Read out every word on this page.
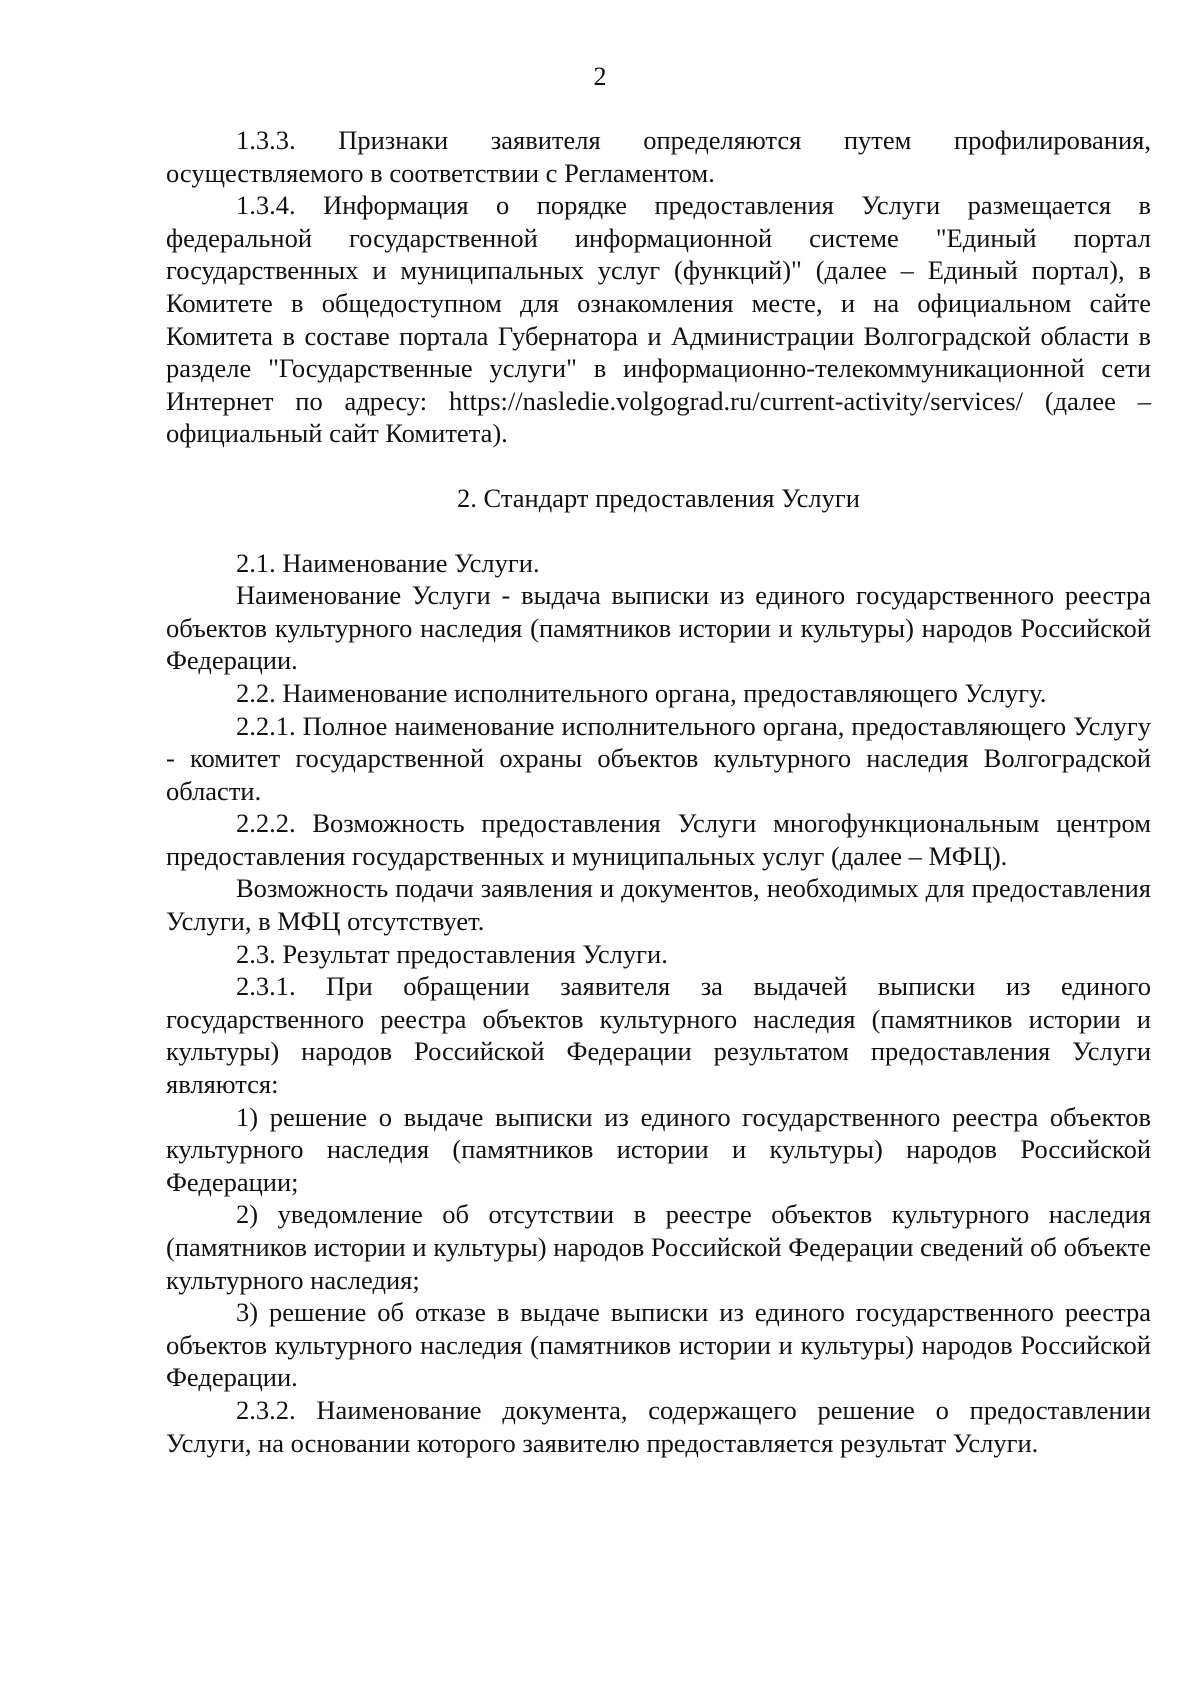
2

1.3.3. Признаки заявителя определяются путем профилирования, осуществляемого в соответствии с Регламентом.

1.3.4. Информация о порядке предоставления Услуги размещается в федеральной государственной информационной системе "Единый портал государственных и муниципальных услуг (функций)" (далее – Единый портал), в Комитете в общедоступном для ознакомления месте, и на официальном сайте Комитета в составе портала Губернатора и Администрации Волгоградской области в разделе "Государственные услуги" в информационно-телекоммуникационной сети Интернет по адресу: https://nasledie.volgograd.ru/current-activity/services/ (далее – официальный сайт Комитета).

2. Стандарт предоставления Услуги

2.1. Наименование Услуги.

Наименование Услуги - выдача выписки из единого государственного реестра объектов культурного наследия (памятников истории и культуры) народов Российской Федерации.

2.2. Наименование исполнительного органа, предоставляющего Услугу.

2.2.1. Полное наименование исполнительного органа, предоставляющего Услугу - комитет государственной охраны объектов культурного наследия Волгоградской области.

2.2.2. Возможность предоставления Услуги многофункциональным центром предоставления государственных и муниципальных услуг (далее – МФЦ).

Возможность подачи заявления и документов, необходимых для предоставления Услуги, в МФЦ отсутствует.

2.3. Результат предоставления Услуги.

2.3.1. При обращении заявителя за выдачей выписки из единого государственного реестра объектов культурного наследия (памятников истории и культуры) народов Российской Федерации результатом предоставления Услуги являются:

1) решение о выдаче выписки из единого государственного реестра объектов культурного наследия (памятников истории и культуры) народов Российской Федерации;

2) уведомление об отсутствии в реестре объектов культурного наследия (памятников истории и культуры) народов Российской Федерации сведений об объекте культурного наследия;

3) решение об отказе в выдаче выписки из единого государственного реестра объектов культурного наследия (памятников истории и культуры) народов Российской Федерации.

2.3.2. Наименование документа, содержащего решение о предоставлении Услуги, на основании которого заявителю предоставляется результат Услуги.
